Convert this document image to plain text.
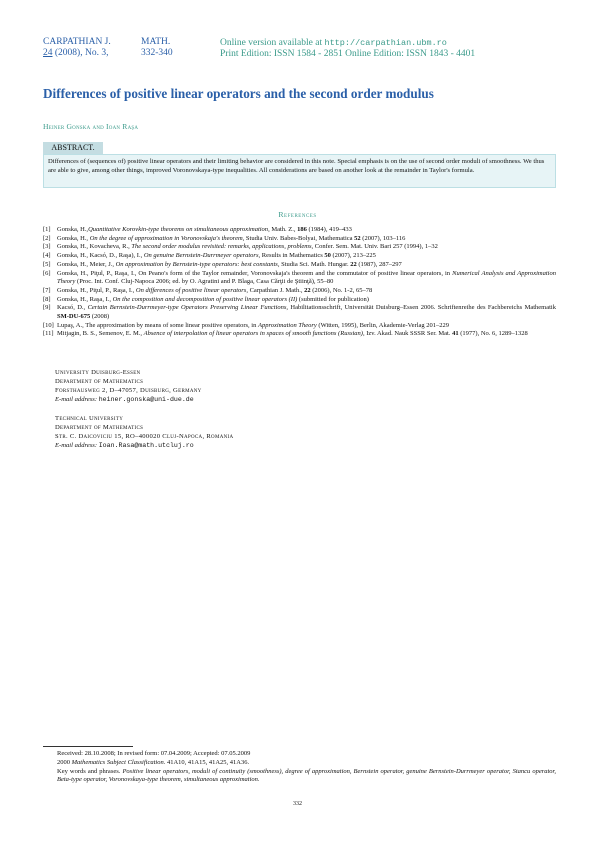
CARPATHIAN J.	MATH.
24 (2008), No. 3,	332-340
Online version available at http://carpathian.ubm.ro
Print Edition: ISSN 1584 - 2851 Online Edition: ISSN 1843 - 4401
Differences of positive linear operators and the second order modulus
Heiner Gonska and Ioan Raşa
ABSTRACT.
Differences of (sequences of) positive linear operators and their limiting behavior are considered in this note. Special emphasis is on the use of second order moduli of smoothness. We thus are able to give, among other things, improved Voronovskaya-type inequalities. All considerations are based on another look at the remainder in Taylor's formula.
References
[1] Gonska, H.,Quantitative Korovkin-type theorems on simultaneous approximation, Math. Z., 186 (1984), 419–433
[2] Gonska, H., On the degree of approximation in Voronovskaja's theorem, Studia Univ. Babes-Bolyai, Mathematica 52 (2007), 103–116
[3] Gonska, H., Kovacheva, R., The second order modulus revisited: remarks, applications, problems, Confer. Sem. Mat. Univ. Bari 257 (1994), 1–32
[4] Gonska, H., Kacsó, D., Raşa), I., On genuine Bernstein-Durrmeyer operators, Results in Mathematics 50 (2007), 213–225
[5] Gonska, H., Meier, J., On approximation by Bernstein-type operators: best constants, Studia Sci. Math. Hungar. 22 (1987), 287–297
[6] Gonska, H., Piţul, P., Raşa, I., On Peano's form of the Taylor remainder, Voronovskaja's theorem and the commutator of positive linear operators, in Numerical Analysis and Approximation Theory (Proc. Int. Conf. Cluj-Napoca 2006; ed. by O. Agratini and P. Blaga, Casa Cărţii de Ştiinţă), 55–80
[7] Gonska, H., Piţul, P., Raşa, I., On differences of positive linear operators, Carpathian J. Math., 22 (2006), No. 1-2, 65–78
[8] Gonska, H., Raşa, I., On the composition and decomposition of positive linear operators (II) (submitted for publication)
[9] Kacsó, D., Certain Bernstein-Durrmeyer-type Operators Preserving Linear Functions, Habilitationsschrift, Universität Duisburg–Essen 2006. Schriftenreihe des Fachbereichs Mathematik SM-DU-675 (2008)
[10] Lupaş, A., The approximation by means of some linear positive operators, in Approximation Theory (Witten, 1995), Berlin, Akademie-Verlag 201–229
[11] Mitjagin, B. S., Semenov, E. M., Absence of interpolation of linear operators in spaces of smooth functions (Russian), Izv. Akad. Nauk SSSR Ser. Mat. 41 (1977), No. 6, 1289–1328
University Duisburg-Essen
Department of Mathematics
Forsthausweg 2, D–47057, Duisburg, Germany
E-mail address: heiner.gonska@uni-due.de
Technical University
Department of Mathematics
Str. C. Daicoviciu 15, RO–400020 Cluj-Napoca, Romania
E-mail address: Ioan.Rasa@math.utcluj.ro
Received: 28.10.2008; In revised form: 07.04.2009; Accepted: 07.05.2009
2000 Mathematics Subject Classification. 41A10, 41A15, 41A25, 41A36.
Key words and phrases. Positive linear operators, moduli of continuity (smoothness), degree of approximation, Bernstein operator, genuine Bernstein-Durrmeyer operator, Stancu operator, Beta-type operator, Voronovskaya-type theorem, simultaneous approximation.
332
